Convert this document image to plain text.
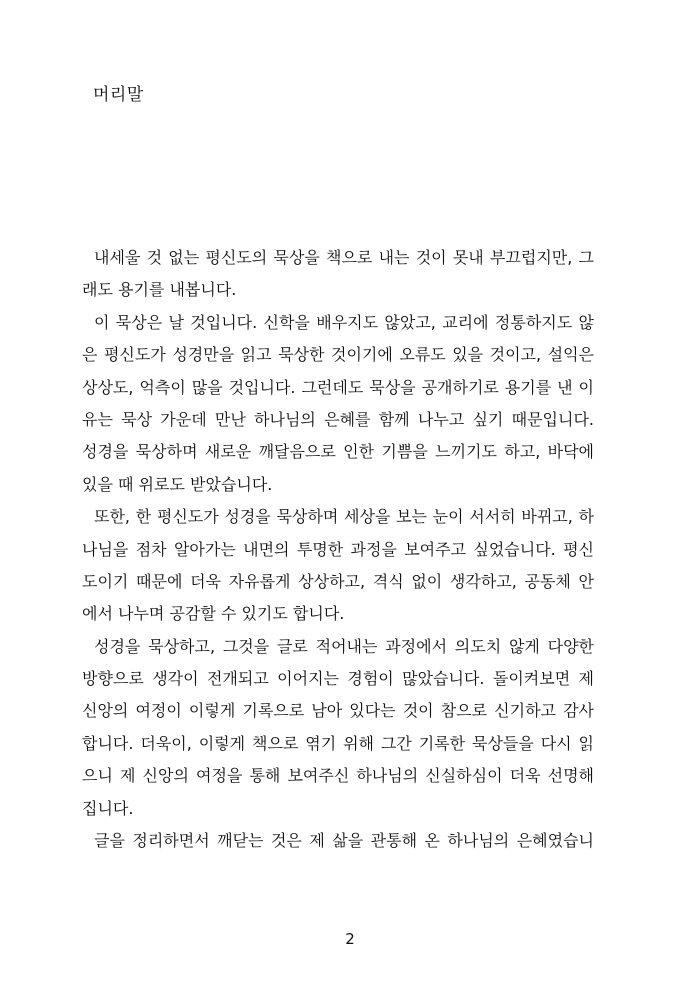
머리말
내세울 것 없는 평신도의 묵상을 책으로 내는 것이 못내 부끄럽지만, 그
래도 용기를 내봅니다.
이 묵상은 날 것입니다. 신학을 배우지도 않았고, 교리에 정통하지도 않
은 평신도가 성경만을 읽고 묵상한 것이기에 오류도 있을 것이고, 설익은
상상도, 억측이 많을 것입니다. 그런데도 묵상을 공개하기로 용기를 낸 이
유는 묵상 가운데 만난 하나님의 은혜를 함께 나누고 싶기 때문입니다.
성경을 묵상하며 새로운 깨달음으로 인한 기쁨을 느끼기도 하고, 바닥에
있을 때 위로도 받았습니다.
또한, 한 평신도가 성경을 묵상하며 세상을 보는 눈이 서서히 바뀌고, 하
나님을 점차 알아가는 내면의 투명한 과정을 보여주고 싶었습니다. 평신
도이기 때문에 더욱 자유롭게 상상하고, 격식 없이 생각하고, 공동체 안
에서 나누며 공감할 수 있기도 합니다.
성경을 묵상하고, 그것을 글로 적어내는 과정에서 의도치 않게 다양한
방향으로 생각이 전개되고 이어지는 경험이 많았습니다. 돌이켜보면 제
신앙의 여정이 이렇게 기록으로 남아 있다는 것이 참으로 신기하고 감사
합니다. 더욱이, 이렇게 책으로 엮기 위해 그간 기록한 묵상들을 다시 읽
으니 제 신앙의 여정을 통해 보여주신 하나님의 신실하심이 더욱 선명해
집니다.
글을 정리하면서 깨닫는 것은 제 삶을 관통해 온 하나님의 은혜였습니
2
